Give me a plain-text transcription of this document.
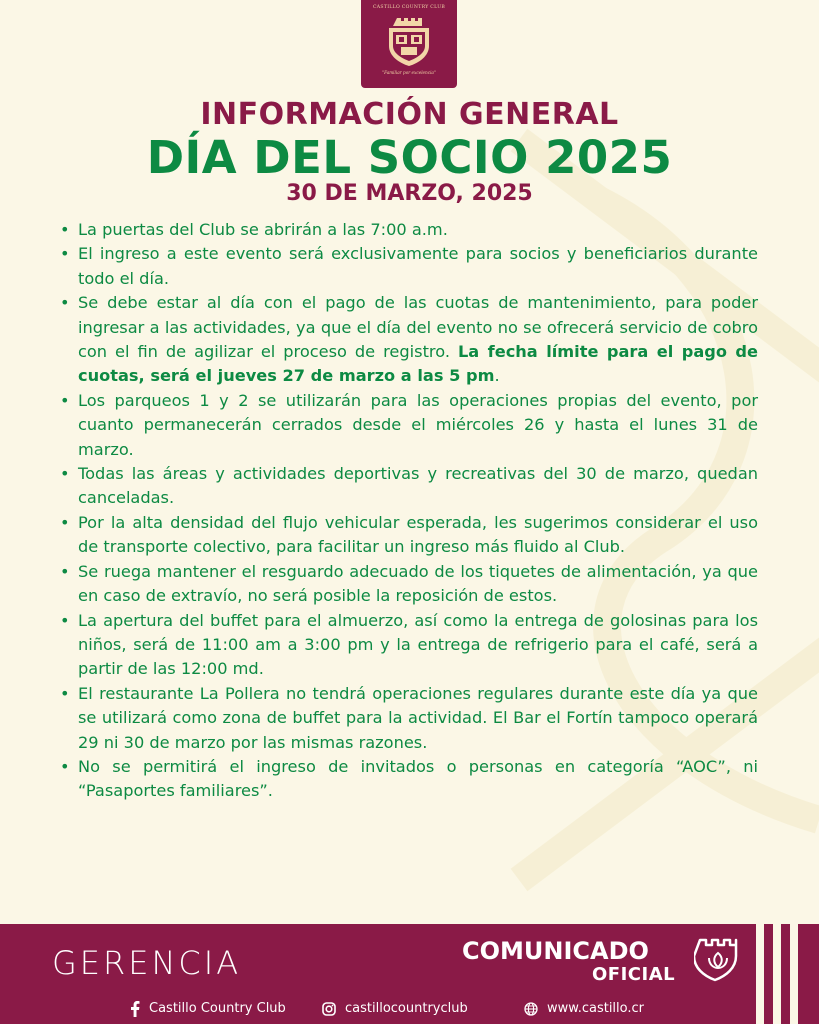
CASTILLO COUNTRY CLUB
"Familiar por excelencia"
INFORMACIÓN GENERAL
DÍA DEL SOCIO 2025
30 DE MARZO, 2025
• La puertas del Club se abrirán a las 7:00 a.m.
• El ingreso a este evento será exclusivamente para socios y beneficiarios durante todo el día.
• Se debe estar al día con el pago de las cuotas de mantenimiento, para poder ingresar a las actividades, ya que el día del evento no se ofrecerá servicio de cobro con el fin de agilizar el proceso de registro. La fecha límite para el pago de cuotas, será el jueves 27 de marzo a las 5 pm.
• Los parqueos 1 y 2 se utilizarán para las operaciones propias del evento, por cuanto permanecerán cerrados desde el miércoles 26 y hasta el lunes 31 de marzo.
• Todas las áreas y actividades deportivas y recreativas del 30 de marzo, quedan canceladas.
• Por la alta densidad del flujo vehicular esperada, les sugerimos considerar el uso de transporte colectivo, para facilitar un ingreso más fluido al Club.
• Se ruega mantener el resguardo adecuado de los tiquetes de alimentación, ya que en caso de extravío, no será posible la reposición de estos.
• La apertura del buffet para el almuerzo, así como la entrega de golosinas para los niños, será de 11:00 am a 3:00 pm y la entrega de refrigerio para el café, será a partir de las 12:00 md.
• El restaurante La Pollera no tendrá operaciones regulares durante este día ya que se utilizará como zona de buffet para la actividad. El Bar el Fortín tampoco operará 29 ni 30 de marzo por las mismas razones.
• No se permitirá el ingreso de invitados o personas en categoría “AOC”, ni “Pasaportes familiares”.
GERENCIA	COMUNICADO
OFICIAL
Castillo Country Club	castillocountryclub	www.castillo.cr
